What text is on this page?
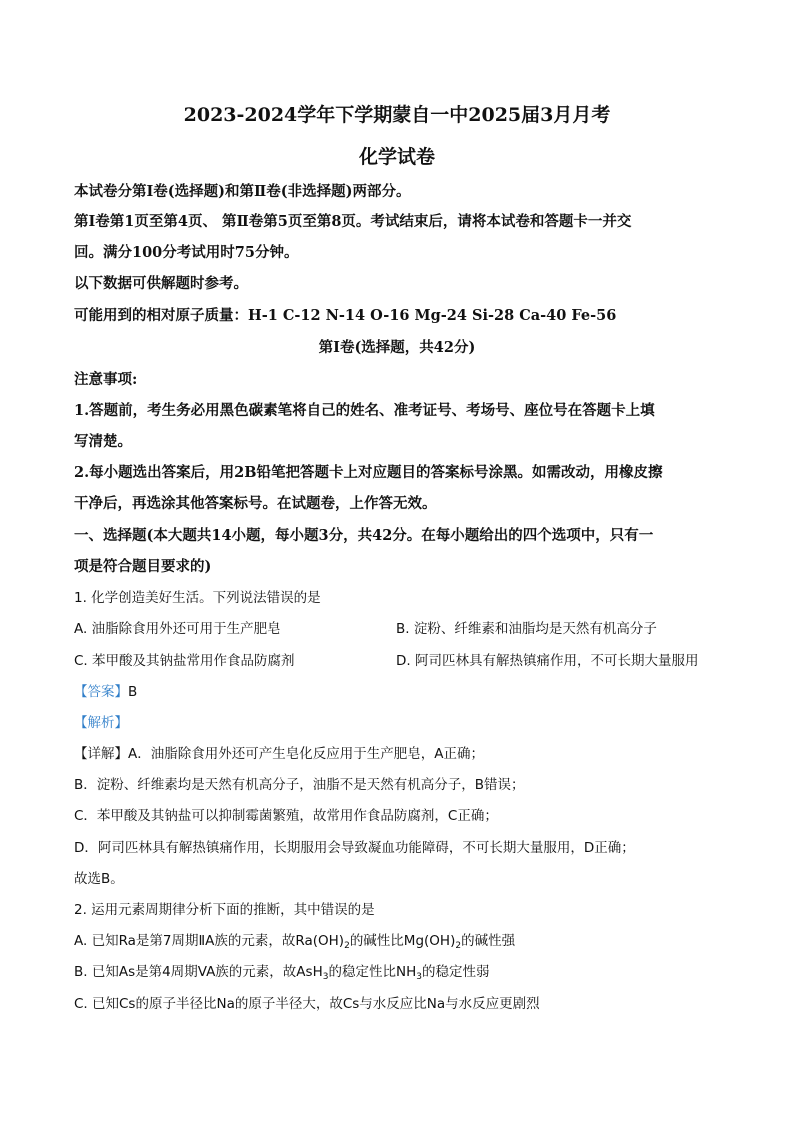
2023-2024学年下学期蒙自一中2025届3月月考
化学试卷
本试卷分第Ⅰ卷(选择题)和第Ⅱ卷(非选择题)两部分。
第Ⅰ卷第1页至第4页、 第Ⅱ卷第5页至第8页。考试结束后，请将本试卷和答题卡一并交
回。满分100分考试用时75分钟。
以下数据可供解题时参考。
可能用到的相对原子质量：H-1 C-12 N-14 O-16 Mg-24 Si-28 Ca-40 Fe-56
第Ⅰ卷(选择题，共42分)
注意事项:
1.答题前，考生务必用黑色碳素笔将自己的姓名、准考证号、考场号、座位号在答题卡上填
写清楚。
2.每小题选出答案后，用2B铅笔把答题卡上对应题目的答案标号涂黑。如需改动，用橡皮擦
干净后，再选涂其他答案标号。在试题卷，上作答无效。
一、选择题(本大题共14小题，每小题3分，共42分。在每小题给出的四个选项中，只有一
项是符合题目要求的)
1. 化学创造美好生活。下列说法错误的是
A. 油脂除食用外还可用于生产肥皂	B. 淀粉、纤维素和油脂均是天然有机高分子
C. 苯甲酸及其钠盐常用作食品防腐剂	D. 阿司匹林具有解热镇痛作用，不可长期大量服用
【答案】B
【解析】
【详解】A．油脂除食用外还可产生皂化反应用于生产肥皂，A正确；
B．淀粉、纤维素均是天然有机高分子，油脂不是天然有机高分子，B错误；
C．苯甲酸及其钠盐可以抑制霉菌繁殖，故常用作食品防腐剂，C正确；
D．阿司匹林具有解热镇痛作用，长期服用会导致凝血功能障碍，不可长期大量服用，D正确；
故选B。
2. 运用元素周期律分析下面的推断，其中错误的是
A. 已知Ra是第7周期ⅡA族的元素，故$Ra(OH)_2$的碱性比$Mg(OH)_2$的碱性强
B. 已知As是第4周期VA族的元素，故AsH$_3$的稳定性比$NH_3$的稳定性弱
C. 已知Cs的原子半径比Na的原子半径大，故Cs与水反应比Na与水反应更剧烈
